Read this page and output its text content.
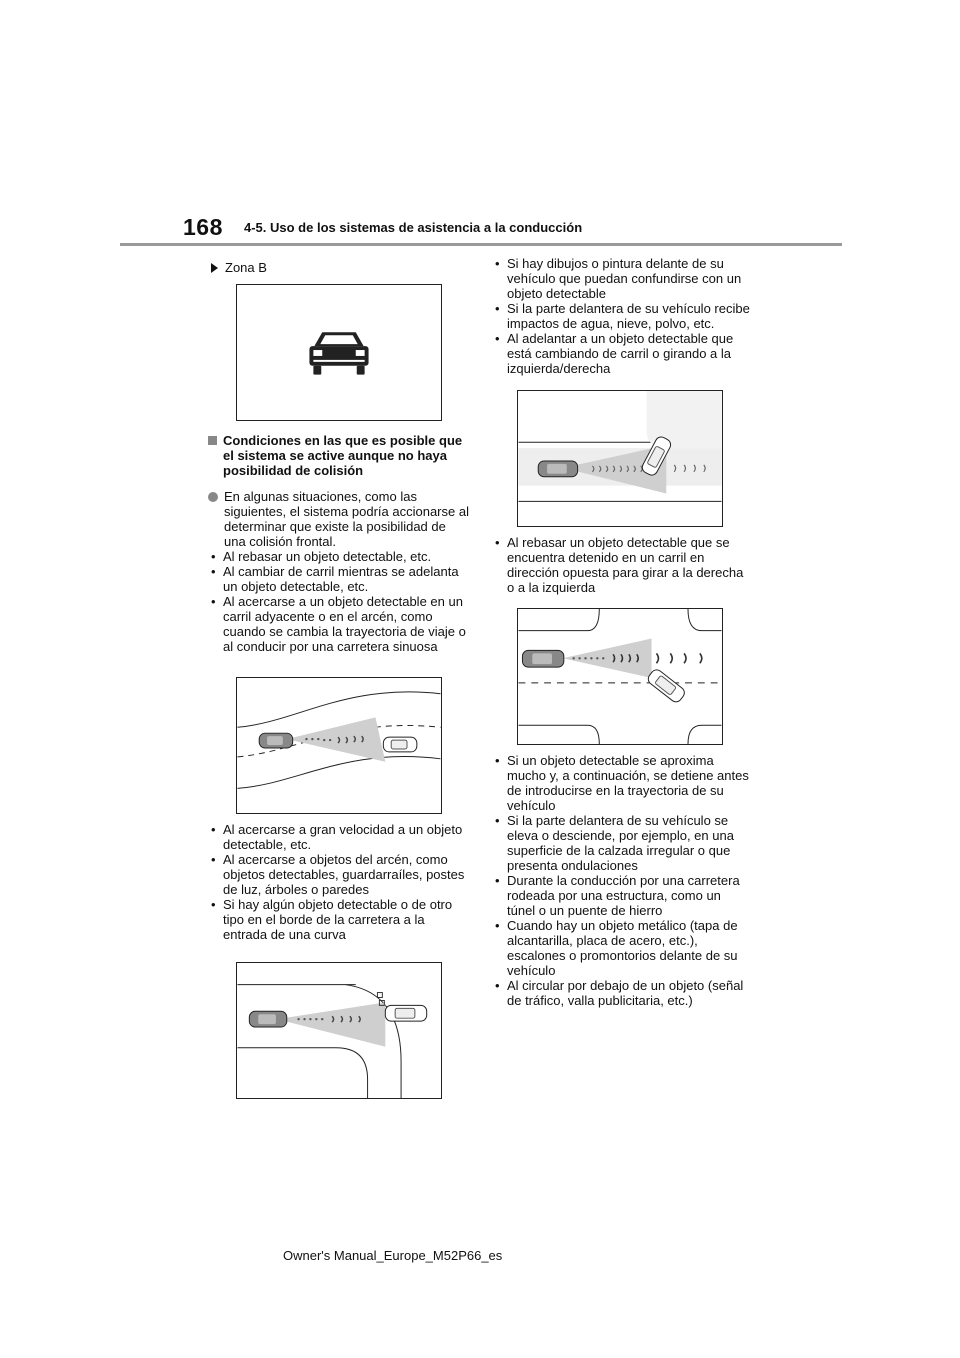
168 4-5. Uso de los sistemas de asistencia a la conducción
Zona B
Condiciones en las que es posible que el sistema se active aunque no haya posibilidad de colisión
En algunas situaciones, como las siguientes, el sistema podría accionarse al determinar que existe la posibilidad de una colisión frontal.
• Al rebasar un objeto detectable, etc.
• Al cambiar de carril mientras se adelanta un objeto detectable, etc.
• Al acercarse a un objeto detectable en un carril adyacente o en el arcén, como cuando se cambia la trayectoria de viaje o al conducir por una carretera sinuosa
• Al acercarse a gran velocidad a un objeto detectable, etc.
• Al acercarse a objetos del arcén, como objetos detectables, guardarraíles, postes de luz, árboles o paredes
• Si hay algún objeto detectable o de otro tipo en el borde de la carretera a la entrada de una curva
• Si hay dibujos o pintura delante de su vehículo que puedan confundirse con un objeto detectable
• Si la parte delantera de su vehículo recibe impactos de agua, nieve, polvo, etc.
• Al adelantar a un objeto detectable que está cambiando de carril o girando a la izquierda/derecha
• Al rebasar un objeto detectable que se encuentra detenido en un carril en dirección opuesta para girar a la derecha o a la izquierda
• Si un objeto detectable se aproxima mucho y, a continuación, se detiene antes de introducirse en la trayectoria de su vehículo
• Si la parte delantera de su vehículo se eleva o desciende, por ejemplo, en una superficie de la calzada irregular o que presenta ondulaciones
• Durante la conducción por una carretera rodeada por una estructura, como un túnel o un puente de hierro
• Cuando hay un objeto metálico (tapa de alcantarilla, placa de acero, etc.), escalones o promontorios delante de su vehículo
• Al circular por debajo de un objeto (señal de tráfico, valla publicitaria, etc.)
Owner's Manual_Europe_M52P66_es
